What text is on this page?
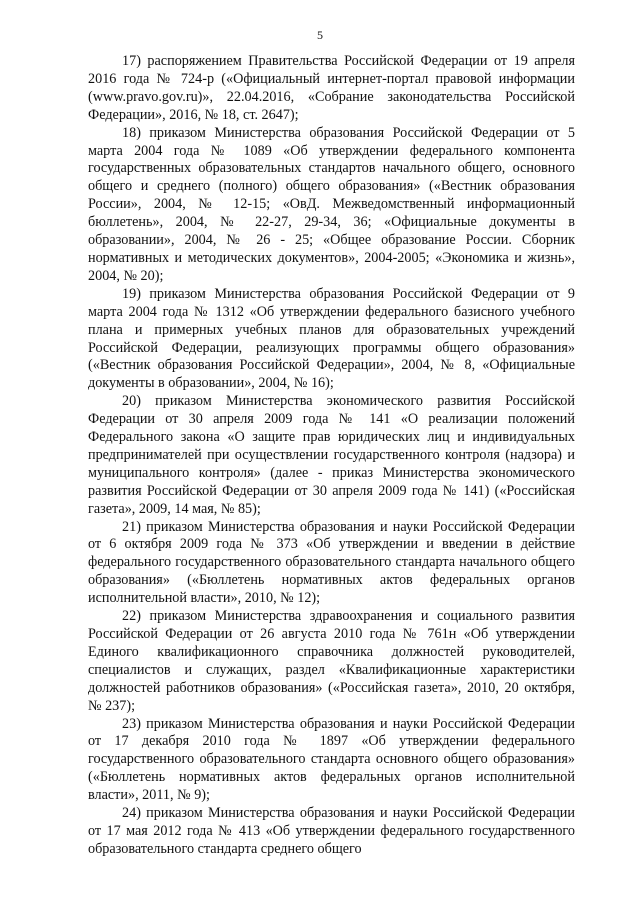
5

17) распоряжением Правительства Российской Федерации от 19 апреля 2016 года № 724-р («Официальный интернет-портал правовой информации (www.pravo.gov.ru)», 22.04.2016, «Собрание законодательства Российской Федерации», 2016, № 18, ст. 2647);

18) приказом Министерства образования Российской Федерации от 5 марта 2004 года № 1089 «Об утверждении федерального компонента государственных образовательных стандартов начального общего, основного общего и среднего (полного) общего образования» («Вестник образования России», 2004, № 12-15; «ОвД. Межведомственный информационный бюллетень», 2004, № 22-27, 29-34, 36; «Официальные документы в образовании», 2004, № 26 - 25; «Общее образование России. Сборник нормативных и методических документов», 2004-2005; «Экономика и жизнь», 2004, № 20);

19) приказом Министерства образования Российской Федерации от 9 марта 2004 года № 1312 «Об утверждении федерального базисного учебного плана и примерных учебных планов для образовательных учреждений Российской Федерации, реализующих программы общего образования» («Вестник образования Российской Федерации», 2004, № 8, «Официальные документы в образовании», 2004, № 16);

20) приказом Министерства экономического развития Российской Федерации от 30 апреля 2009 года № 141 «О реализации положений Федерального закона «О защите прав юридических лиц и индивидуальных предпринимателей при осуществлении государственного контроля (надзора) и муниципального контроля» (далее - приказ Министерства экономического развития Российской Федерации от 30 апреля 2009 года № 141) («Российская газета», 2009, 14 мая, № 85);

21) приказом Министерства образования и науки Российской Федерации от 6 октября 2009 года № 373 «Об утверждении и введении в действие федерального государственного образовательного стандарта начального общего образования» («Бюллетень нормативных актов федеральных органов исполнительной власти», 2010, № 12);

22) приказом Министерства здравоохранения и социального развития Российской Федерации от 26 августа 2010 года № 761н «Об утверждении Единого квалификационного справочника должностей руководителей, специалистов и служащих, раздел «Квалификационные характеристики должностей работников образования» («Российская газета», 2010, 20 октября, № 237);

23) приказом Министерства образования и науки Российской Федерации от 17 декабря 2010 года № 1897 «Об утверждении федерального государственного образовательного стандарта основного общего образования» («Бюллетень нормативных актов федеральных органов исполнительной власти», 2011, № 9);

24) приказом Министерства образования и науки Российской Федерации от 17 мая 2012 года № 413 «Об утверждении федерального государственного образовательного стандарта среднего общего
